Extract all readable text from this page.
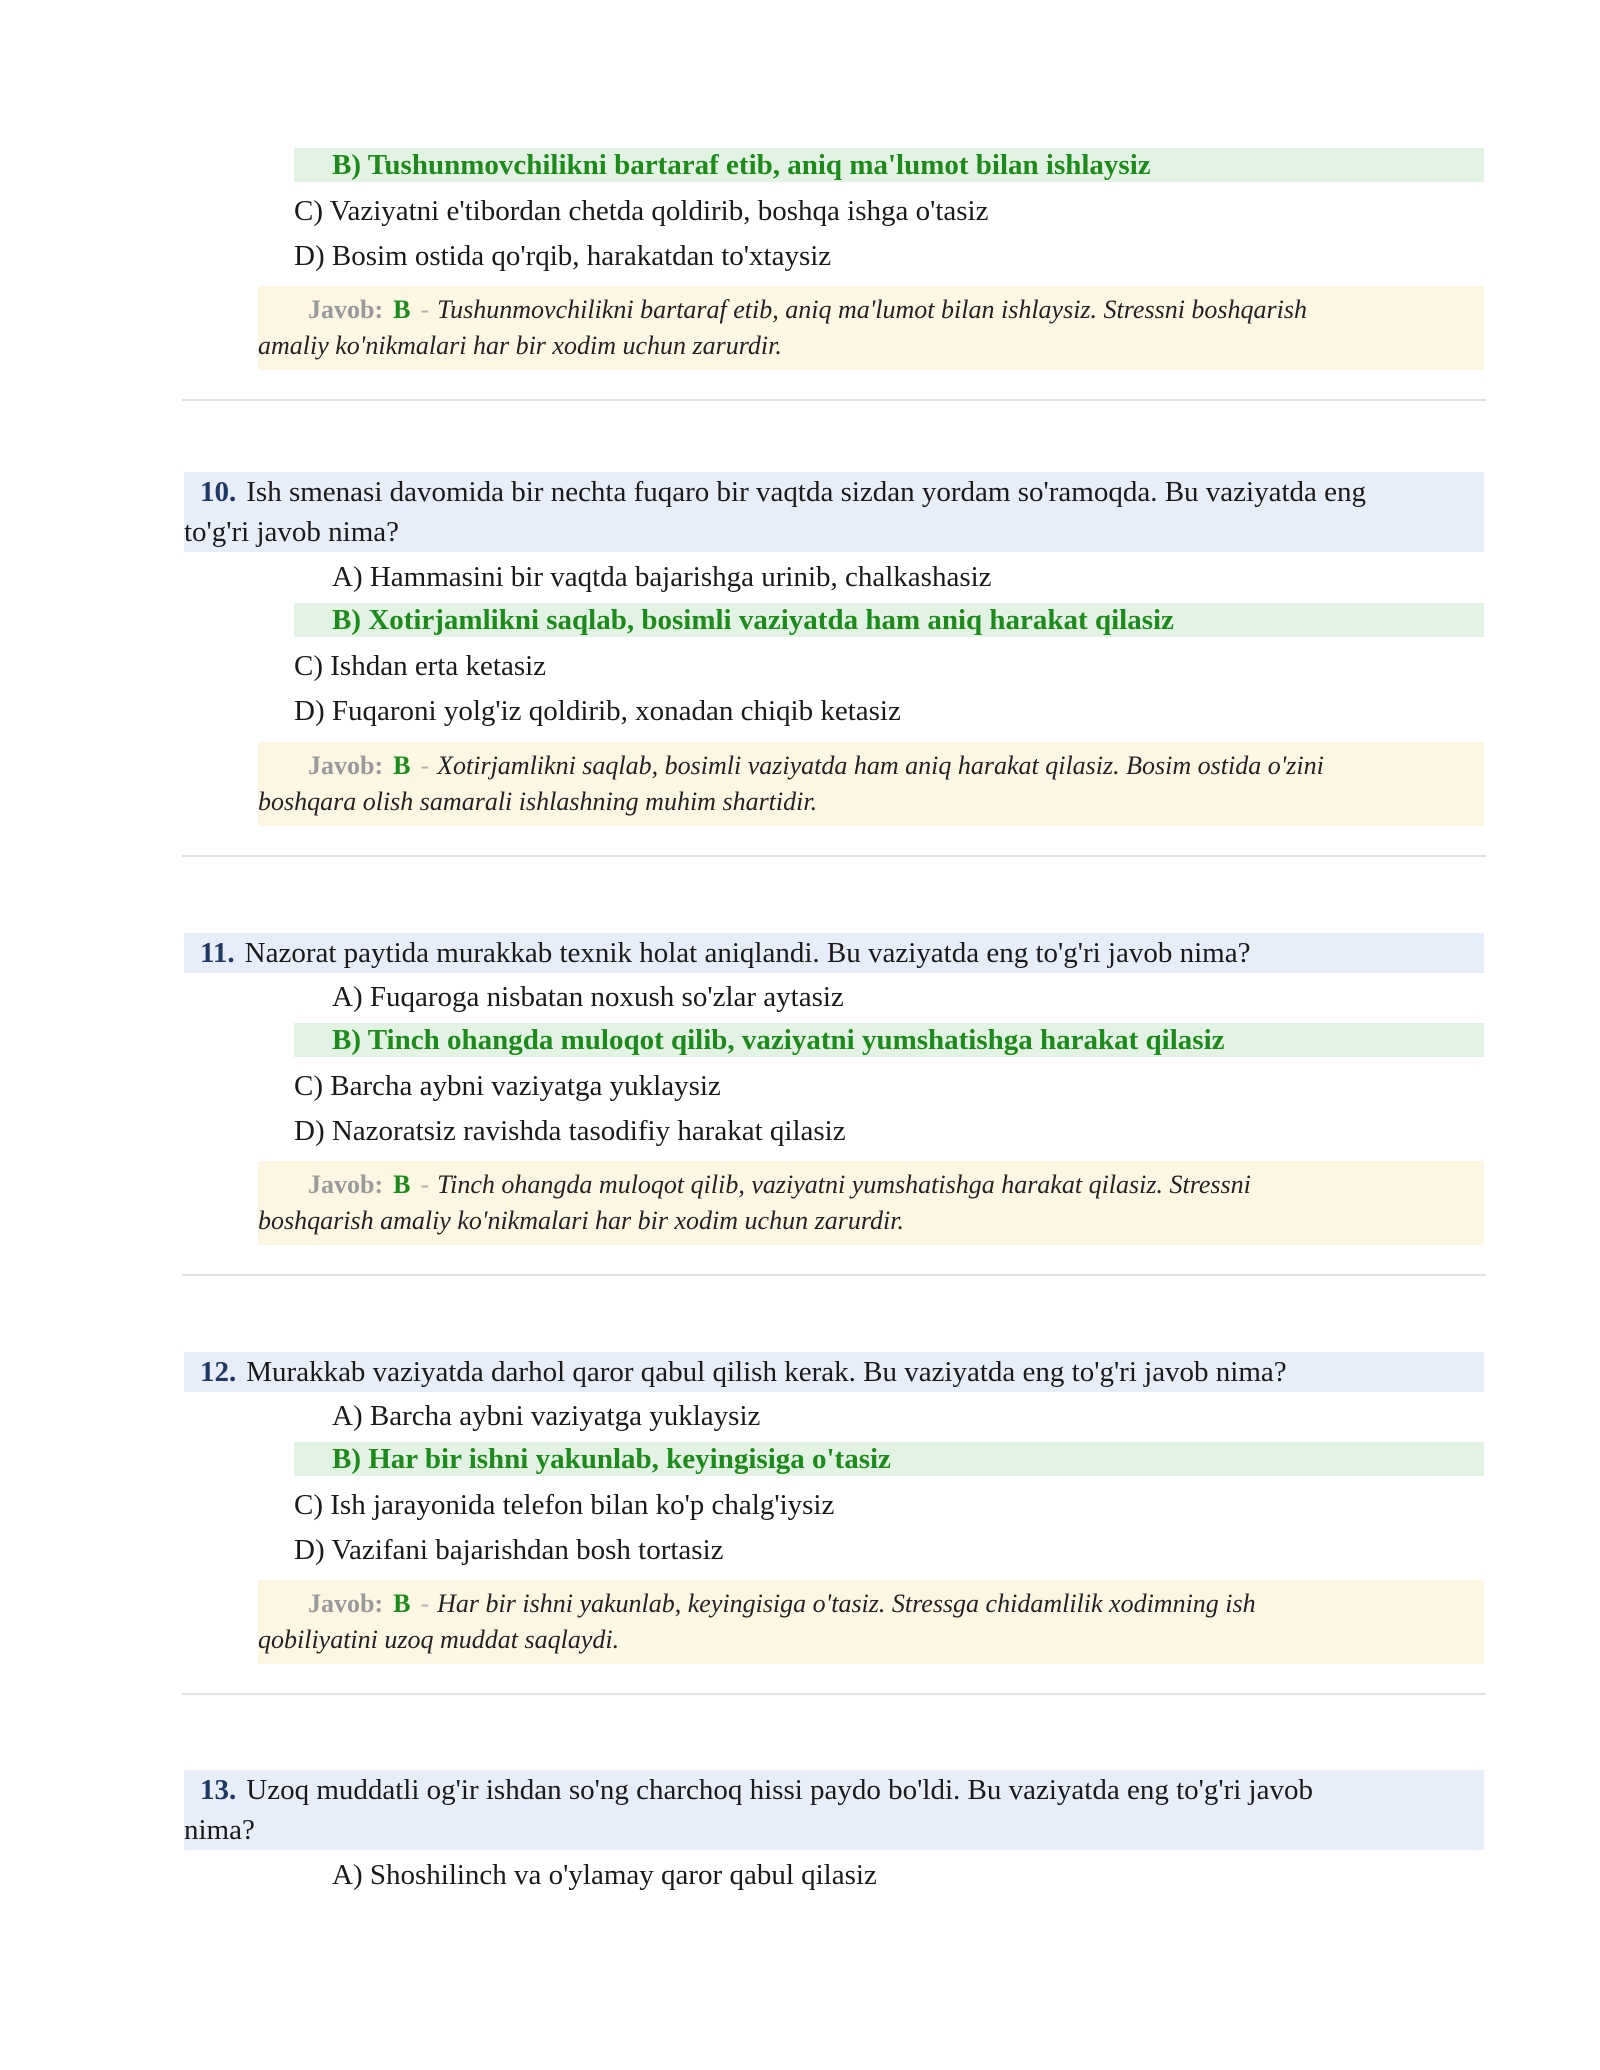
B) Tushunmovchilikni bartaraf etib, aniq ma'lumot bilan ishlaysiz
C) Vaziyatni e'tibordan chetda qoldirib, boshqa ishga o'tasiz
D) Bosim ostida qo'rqib, harakatdan to'xtaysiz
Javob: B - Tushunmovchilikni bartaraf etib, aniq ma'lumot bilan ishlaysiz. Stressni boshqarish
amaliy ko'nikmalari har bir xodim uchun zarurdir.
10. Ish smenasi davomida bir nechta fuqaro bir vaqtda sizdan yordam so'ramoqda. Bu vaziyatda eng
to'g'ri javob nima?
A) Hammasini bir vaqtda bajarishga urinib, chalkashasiz
B) Xotirjamlikni saqlab, bosimli vaziyatda ham aniq harakat qilasiz
C) Ishdan erta ketasiz
D) Fuqaroni yolg'iz qoldirib, xonadan chiqib ketasiz
Javob: B - Xotirjamlikni saqlab, bosimli vaziyatda ham aniq harakat qilasiz. Bosim ostida o'zini
boshqara olish samarali ishlashning muhim shartidir.
11. Nazorat paytida murakkab texnik holat aniqlandi. Bu vaziyatda eng to'g'ri javob nima?
A) Fuqaroga nisbatan noxush so'zlar aytasiz
B) Tinch ohangda muloqot qilib, vaziyatni yumshatishga harakat qilasiz
C) Barcha aybni vaziyatga yuklaysiz
D) Nazoratsiz ravishda tasodifiy harakat qilasiz
Javob: B - Tinch ohangda muloqot qilib, vaziyatni yumshatishga harakat qilasiz. Stressni
boshqarish amaliy ko'nikmalari har bir xodim uchun zarurdir.
12. Murakkab vaziyatda darhol qaror qabul qilish kerak. Bu vaziyatda eng to'g'ri javob nima?
A) Barcha aybni vaziyatga yuklaysiz
B) Har bir ishni yakunlab, keyingisiga o'tasiz
C) Ish jarayonida telefon bilan ko'p chalg'iysiz
D) Vazifani bajarishdan bosh tortasiz
Javob: B - Har bir ishni yakunlab, keyingisiga o'tasiz. Stressga chidamlilik xodimning ish
qobiliyatini uzoq muddat saqlaydi.
13. Uzoq muddatli og'ir ishdan so'ng charchoq hissi paydo bo'ldi. Bu vaziyatda eng to'g'ri javob
nima?
A) Shoshilinch va o'ylamay qaror qabul qilasiz
